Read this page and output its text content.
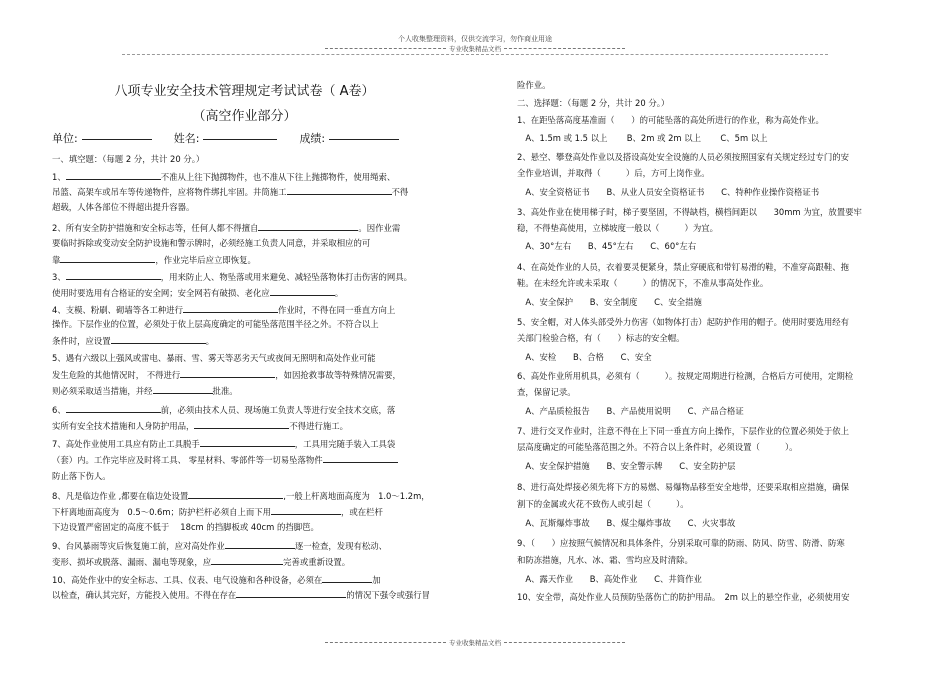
个人收集整理资料，仅供交流学习，勿作商业用途
专业收集精品文档
八项专业安全技术管理规定考试试卷（ A卷）
（高空作业部分）
单位:	姓名:	成绩:
一、填空题：（每题 2 分，共计 20 分。）
1、	不准从上往下抛掷物件，也不准从下往上抛掷物件，使用绳索、
吊篮、高架车或吊车等传递物件，应将物件绑扎牢固。井筒施工	不得
超载，人体各部位不得超出提升容器。
2、所有安全防护措施和安全标志等，任何人都不得擅自	。因作业需
要临时拆除或变动安全防护设施和警示牌时，必须经施工负责人同意，并采取相应的可
靠	，作业完毕后应立即恢复。
3、	，用来防止人、物坠落或用来避免、减轻坠落物体打击伤害的网具。
使用时要选用有合格证的安全网；安全网若有破损、老化应	。
4、支模、粉刷、砌墙等各工种进行	作业时，不得在同一垂直方向上
操作。下层作业的位置，必须处于依上层高度确定的可能坠落范围半径之外。不符合以上
条件时，应设置	。
5、遇有六级以上强风或雷电、暴雨、雪、雾天等恶劣天气或夜间无照明和高处作业可能
发生危险的其他情况时， 不得进行	，如因抢救事故等特殊情况需要，
则必须采取适当措施，并经	批准。
6、	前，必须由技术人员、现场施工负责人等进行安全技术交底，落
实所有安全技术措施和人身防护用品，	不得进行施工。
7、高处作业使用工具应有防止工具脱手	，工具用完随手装入工具袋
（套）内。工作完毕应及时将工具、 零星材料、零部件等一切易坠落物件
防止落下伤人。
8、凡是临边作业 ,都要在临边处设置	,一般上杆离地面高度为　1.0～1.2m，
下杆离地面高度为　0.5～0.6m；防护栏杆必须自上而下用	，或在栏杆
下边设置严密固定的高度不低于　 18cm 的挡脚板或 40cm 的挡脚笆。
9、台风暴雨等灾后恢复施工前，应对高处作业	逐一检查，发现有松动、
变形、损坏或脱落、漏雨、漏电等现象，应	完善或重新设置。
10、高处作业中的安全标志、工具、仪表、电气设施和各种设备，必须在	加
以检查，确认其完好，方能投入使用。不得在存在	的情况下强令或强行冒
险作业。
二、选择题：（每题 2 分，共计 20 分。）
1、在距坠落高度基准面（　　）的可能坠落的高处所进行的作业，称为高处作业。
　A、1.5m 或 1.5 以上　　 B、2m 或 2m 以上　　 C、5m 以上
2、悬空、攀登高处作业以及搭设高处安全设施的人员必须按照国家有关规定经过专门的安
全作业培训，并取得（　　　）后，方可上岗作业。
　A、安全资格证书　　B、从业人员安全资格证书　　C、特种作业操作资格证书
3、高处作业在使用梯子时，梯子要坚固，不得缺档，横档间距以　　30mm 为宜，放置要牢
稳，不得垫高使用，立梯坡度一般以（　　　）为宜。
　A、30°左右　　B、45°左右　　C、60°左右
4、在高处作业的人员，衣着要灵便紧身，禁止穿硬底和带钉易滑的鞋，不准穿高跟鞋、拖
鞋。在未经允许或未采取（　　　）的情况下，不准从事高处作业。
　A、安全保护　　B、安全制度　　C、安全措施
5、安全帽，对人体头部受外力伤害（如物体打击）起防护作用的帽子。使用时要选用经有
关部门检验合格，有（　　）标志的安全帽。
　A、安检　　B、合格　　C、安全
6、高处作业所用机具，必须有（　　　）。按规定周期进行检测，合格后方可使用，定期检
查，保留记录。
　A、产品质检报告　　B、产品使用说明　　C、产品合格证
7、进行交叉作业时，注意不得在上下同一垂直方向上操作，下层作业的位置必须处于依上
层高度确定的可能坠落范围之外。不符合以上条件时，必须设置（　　　）。
　A、安全保护措施　　B、安全警示牌　　C、安全防护层
8、进行高处焊接必须先将下方的易燃、易爆物品移至安全地带，还要采取相应措施，确保
割下的金属或火花不致伤人或引起（　　　）。
　A、瓦斯爆炸事故　　B、煤尘爆炸事故　　C、火灾事故
9、（　　）应按照气候情况和具体条件，分别采取可靠的防雨、防风、防雪、防滑、防寒
和防冻措施，凡水、冰、霜、雪均应及时清除。
　A、露天作业　　B、高处作业　　C、井筒作业
10、安全带，高处作业人员预防坠落伤亡的防护用品。　2m 以上的悬空作业，必须使用安
专业收集精品文档
